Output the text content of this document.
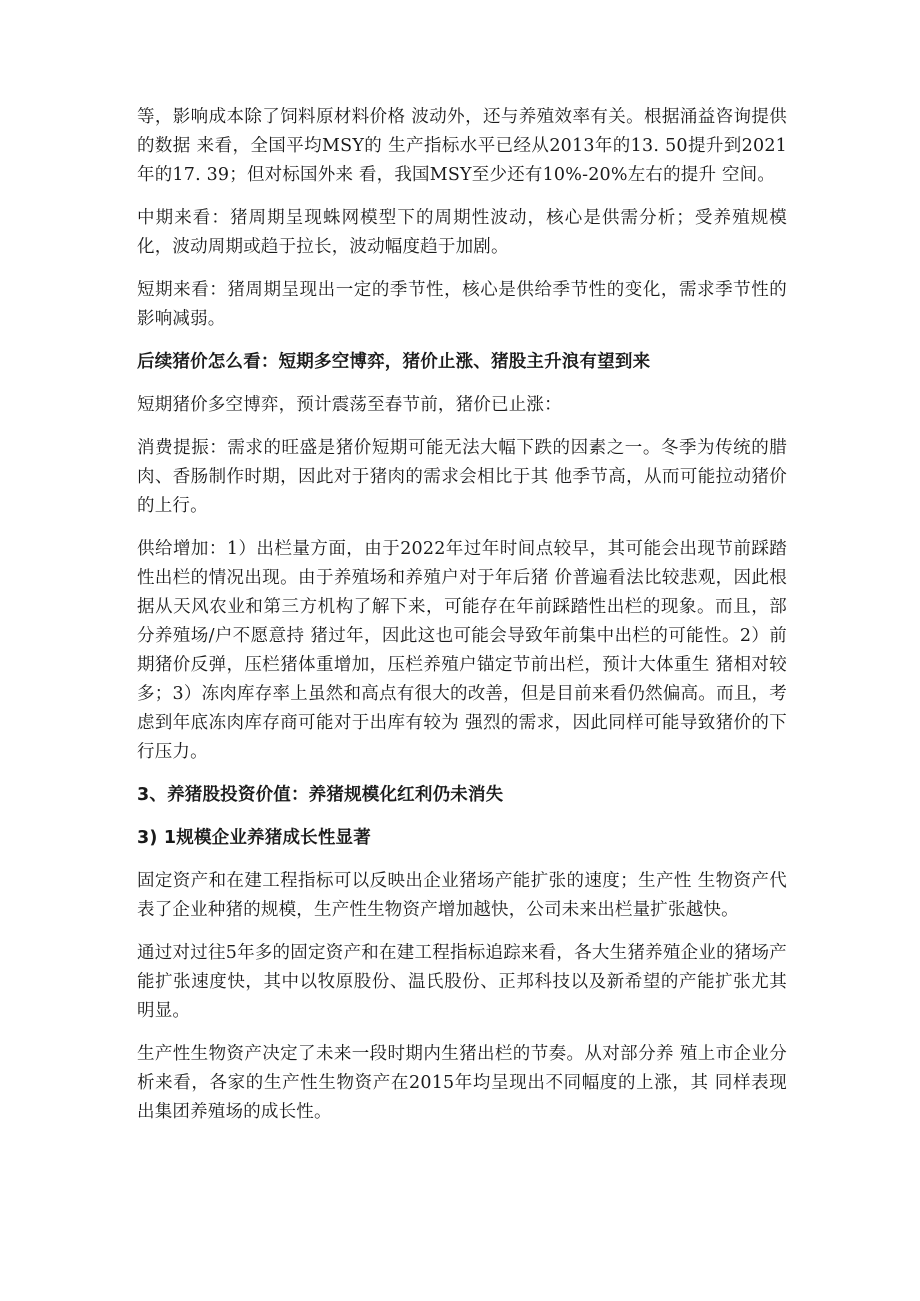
等，影响成本除了饲料原材料价格 波动外，还与养殖效率有关。根据涌益咨询提供的数据 来看，全国平均MSY的 生产指标水平已经从2013年的13. 50提升到2021年的17. 39；但对标国外来 看，我国MSY至少还有10%-20%左右的提升 空间。

中期来看：猪周期呈现蛛网模型下的周期性波动，核心是供需分析；受养殖规模化，波动周期或趋于拉长，波动幅度趋于加剧。

短期来看：猪周期呈现出一定的季节性，核心是供给季节性的变化，需求季节性的影响减弱。

后续猪价怎么看：短期多空博弈，猪价止涨、猪股主升浪有望到来

短期猪价多空博弈，预计震荡至春节前，猪价已止涨：

消费提振：需求的旺盛是猪价短期可能无法大幅下跌的因素之一。冬季为传统的腊肉、香肠制作时期，因此对于猪肉的需求会相比于其 他季节高，从而可能拉动猪价的上行。

供给增加：1）出栏量方面，由于2022年过年时间点较早，其可能会出现节前踩踏性出栏的情况出现。由于养殖场和养殖户对于年后猪 价普遍看法比较悲观，因此根据从天风农业和第三方机构了解下来，可能存在年前踩踏性出栏的现象。而且，部分养殖场/户不愿意持 猪过年，因此这也可能会导致年前集中出栏的可能性。2）前期猪价反弹，压栏猪体重增加，压栏养殖户锚定节前出栏，预计大体重生 猪相对较多；3）冻肉库存率上虽然和高点有很大的改善，但是目前来看仍然偏高。而且，考虑到年底冻肉库存商可能对于出库有较为 强烈的需求，因此同样可能导致猪价的下行压力。

3、养猪股投资价值：养猪规模化红利仍未消失

3) 1规模企业养猪成长性显著

固定资产和在建工程指标可以反映出企业猪场产能扩张的速度；生产性 生物资产代表了企业种猪的规模，生产性生物资产增加越快，公司未来出栏量扩张越快。

通过对过往5年多的固定资产和在建工程指标追踪来看，各大生猪养殖企业的猪场产能扩张速度快，其中以牧原股份、温氏股份、正邦科技以及新希望的产能扩张尤其明显。

生产性生物资产决定了未来一段时期内生猪出栏的节奏。从对部分养 殖上市企业分析来看，各家的生产性生物资产在2015年均呈现出不同幅度的上涨，其 同样表现出集团养殖场的成长性。
